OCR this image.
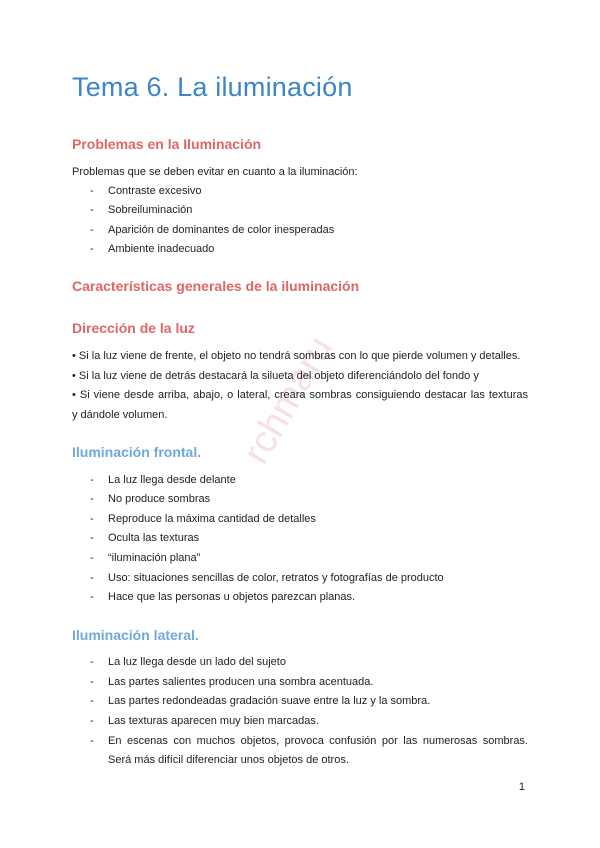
Tema 6. La iluminación
rchmaru
Problemas en la Iluminación

Problemas que se deben evitar en cuanto a la iluminación:

- Contraste excesivo
- Sobreiluminación
- Aparición de dominantes de color inesperadas
- Ambiente inadecuado
Características generales de la iluminación
Dirección de la luz

• Si la luz viene de frente, el objeto no tendrá sombras con lo que pierde volumen y detalles.

• Si la luz viene de detrás destacará la silueta del objeto diferenciándolo del fondo y

• Si viene desde arriba, abajo, o lateral, creara sombras consiguiendo destacar las texturas

y dándole volumen.

Iluminación frontal.
- La luz llega desde delante
- No produce sombras
- Reproduce la máxima cantidad de detalles
- Oculta las texturas
- “iluminación plana”
- Uso: situaciones sencillas de color, retratos y fotografías de producto
- Hace que las personas u objetos parezcan planas.
Iluminación lateral.
- La luz llega desde un lado del sujeto
- Las partes salientes producen una sombra acentuada.
- Las partes redondeadas gradación suave entre la luz y la sombra.
- Las texturas aparecen muy bien marcadas.
- En escenas con muchos objetos, provoca confusión por las numerosas sombras.
Será más difícil diferenciar unos objetos de otros.

1
